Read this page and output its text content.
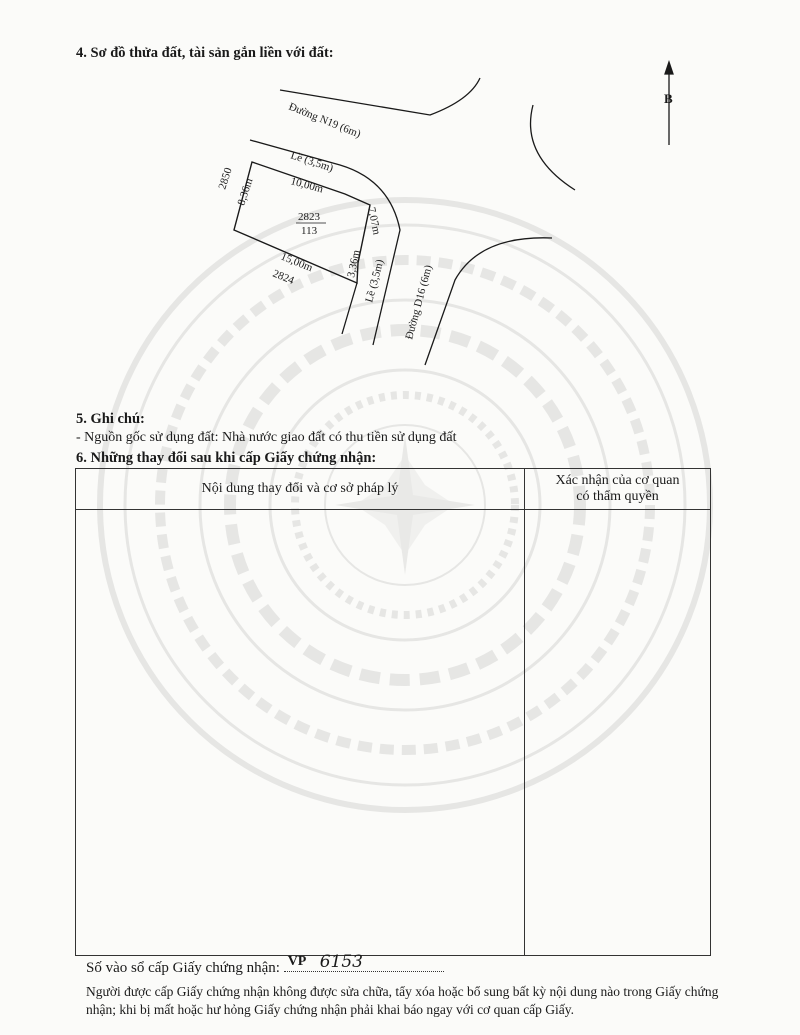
4. Sơ đồ thửa đất, tài sản gắn liền với đất:
Đường N19 (6m)
Lề (3,5m)
10,00m
2850 8,36m
2823
113	7,07m
3,36m
15,00m
2824	Lề (3,5m) Đường D16 (6m)
B
5. Ghi chú:
- Nguồn gốc sử dụng đất: Nhà nước giao đất có thu tiền sử dụng đất
6. Những thay đổi sau khi cấp Giấy chứng nhận:
Nội dung thay đổi và cơ sở pháp lý	Xác nhận của cơ quan
có thẩm quyền

Số vào sổ cấp Giấy chứng nhận: VP 6153
Người được cấp Giấy chứng nhận không được sửa chữa, tẩy xóa hoặc bổ sung bất kỳ nội dung nào trong Giấy chứng nhận; khi bị mất hoặc hư hỏng Giấy chứng nhận phải khai báo ngay với cơ quan cấp Giấy.
